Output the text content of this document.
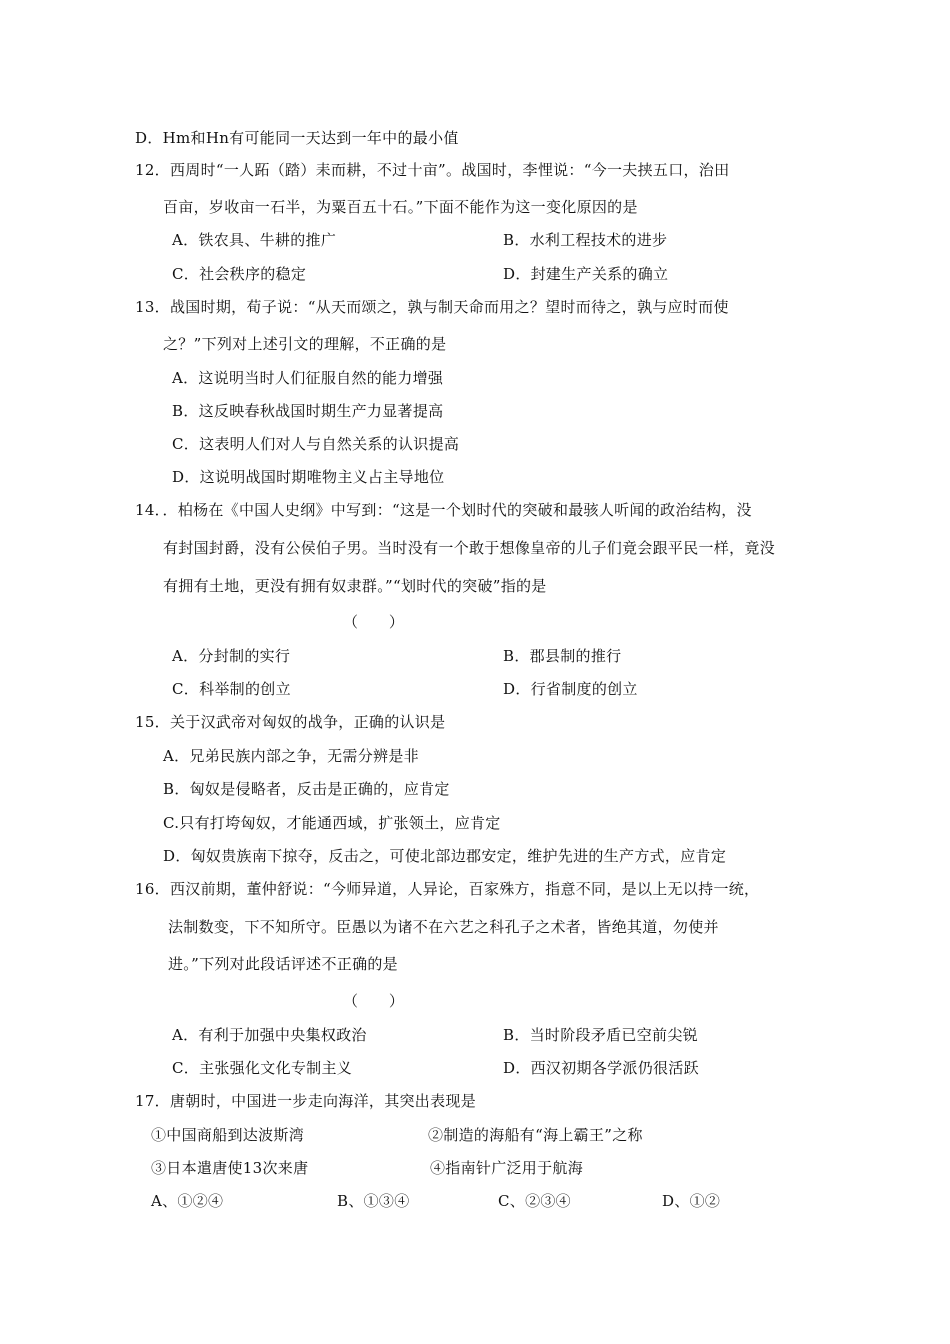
D．Hm和Hn有可能同一天达到一年中的最小值
12．西周时“一人跖（踏）耒而耕，不过十亩”。战国时，李悝说：“今一夫挟五口，治田
百亩，岁收亩一石半，为粟百五十石。”下面不能作为这一变化原因的是
A．铁农具、牛耕的推广	B．水利工程技术的进步
C．社会秩序的稳定	D．封建生产关系的确立
13．战国时期，荀子说：“从天而颂之，孰与制天命而用之？望时而待之，孰与应时而使
之？”下列对上述引文的理解，不正确的是
A．这说明当时人们征服自然的能力增强
B．这反映春秋战国时期生产力显著提高
C．这表明人们对人与自然关系的认识提高
D．这说明战国时期唯物主义占主导地位
14．．柏杨在《中国人史纲》中写到：“这是一个划时代的突破和最骇人听闻的政治结构，没
有封国封爵，没有公侯伯子男。当时没有一个敢于想像皇帝的儿子们竟会跟平民一样，竟没
有拥有土地，更没有拥有奴隶群。”“划时代的突破”指的是
（　　）
A．分封制的实行	B．郡县制的推行
C．科举制的创立	D．行省制度的创立
15．关于汉武帝对匈奴的战争，正确的认识是
A．兄弟民族内部之争，无需分辨是非
B．匈奴是侵略者，反击是正确的，应肯定
C.只有打垮匈奴，才能通西域，扩张领土，应肯定
D．匈奴贵族南下掠夺，反击之，可使北部边郡安定，维护先进的生产方式，应肯定
16．西汉前期，董仲舒说：“今师异道，人异论，百家殊方，指意不同，是以上无以持一统，
法制数变，下不知所守。臣愚以为诸不在六艺之科孔子之术者，皆绝其道，勿使并
进。”下列对此段话评述不正确的是
（　　）
A．有利于加强中央集权政治	B．当时阶段矛盾已空前尖锐
C．主张强化文化专制主义	D．西汉初期各学派仍很活跃
17．唐朝时，中国进一步走向海洋，其突出表现是
①中国商船到达波斯湾	②制造的海船有“海上霸王”之称
③日本遣唐使13次来唐	④指南针广泛用于航海
A、①②④	B、①③④	C、②③④	D、①②
